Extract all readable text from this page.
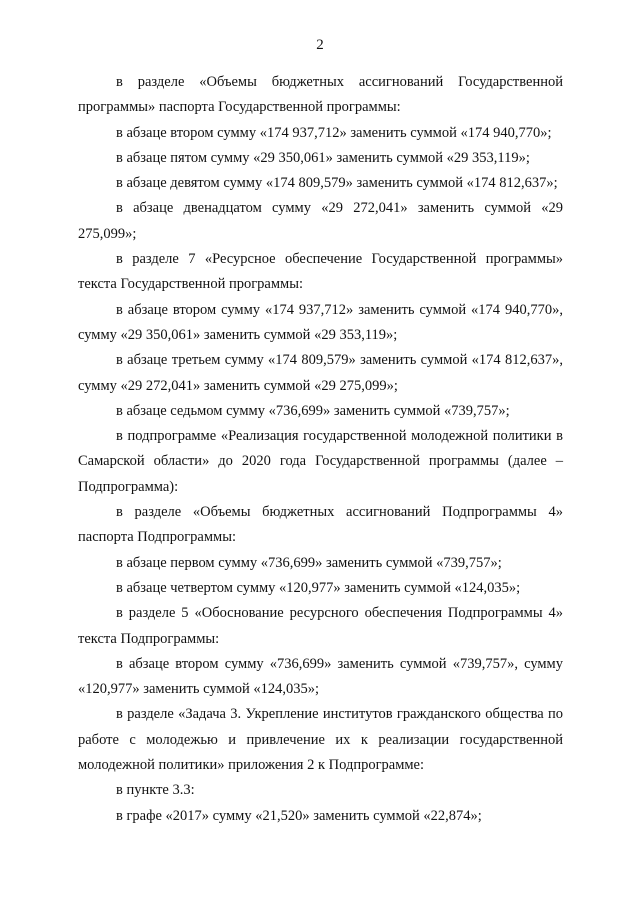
2

в разделе «Объемы бюджетных ассигнований Государственной программы» паспорта Государственной программы:

в абзаце втором сумму «174 937,712» заменить суммой «174 940,770»;

в абзаце пятом сумму «29 350,061» заменить суммой «29 353,119»;

в абзаце девятом сумму «174 809,579» заменить суммой «174 812,637»;

в абзаце двенадцатом сумму «29 272,041» заменить суммой «29 275,099»;

в разделе 7 «Ресурсное обеспечение Государственной программы» текста Государственной программы:

в абзаце втором сумму «174 937,712» заменить суммой «174 940,770», сумму «29 350,061» заменить суммой «29 353,119»;

в абзаце третьем сумму «174 809,579» заменить суммой «174 812,637», сумму «29 272,041» заменить суммой «29 275,099»;

в абзаце седьмом сумму «736,699» заменить суммой «739,757»;

в подпрограмме «Реализация государственной молодежной политики в Самарской области» до 2020 года Государственной программы (далее – Подпрограмма):

в разделе «Объемы бюджетных ассигнований Подпрограммы 4» паспорта Подпрограммы:

в абзаце первом сумму «736,699» заменить суммой «739,757»;

в абзаце четвертом сумму «120,977» заменить суммой «124,035»;

в разделе 5 «Обоснование ресурсного обеспечения Подпрограммы 4» текста Подпрограммы:

в абзаце втором сумму «736,699» заменить суммой «739,757», сумму «120,977» заменить суммой «124,035»;

в разделе «Задача 3. Укрепление институтов гражданского общества по работе с молодежью и привлечение их к реализации государственной молодежной политики» приложения 2 к Подпрограмме:

в пункте 3.3:

в графе «2017» сумму «21,520» заменить суммой «22,874»;
